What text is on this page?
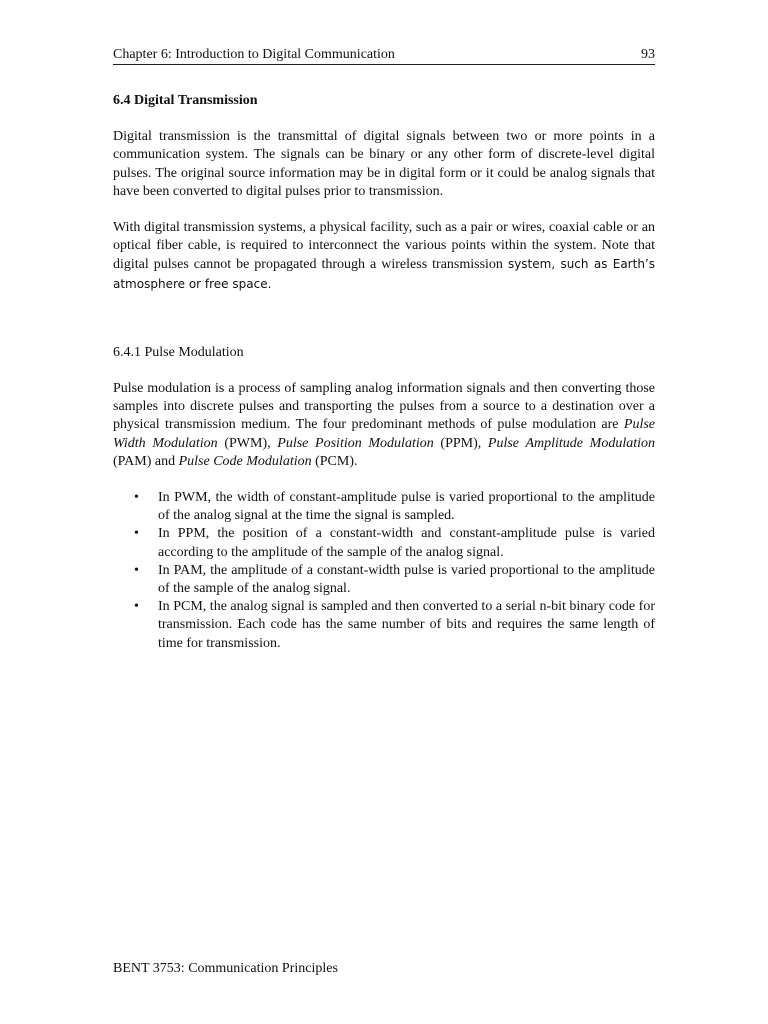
Chapter 6: Introduction to Digital Communication	93
6.4 Digital Transmission

Digital transmission is the transmittal of digital signals between two or more points in a communication system. The signals can be binary or any other form of discrete-level digital pulses. The original source information may be in digital form or it could be analog signals that have been converted to digital pulses prior to transmission.

With digital transmission systems, a physical facility, such as a pair or wires, coaxial cable or an optical fiber cable, is required to interconnect the various points within the system. Note that digital pulses cannot be propagated through a wireless transmission system, such as Earth’s atmosphere or free space.

6.4.1 Pulse Modulation

Pulse modulation is a process of sampling analog information signals and then converting those samples into discrete pulses and transporting the pulses from a source to a destination over a physical transmission medium. The four predominant methods of pulse modulation are Pulse Width Modulation (PWM), Pulse Position Modulation (PPM), Pulse Amplitude Modulation (PAM) and Pulse Code Modulation (PCM).

• In PWM, the width of constant-amplitude pulse is varied proportional to the amplitude of the analog signal at the time the signal is sampled.
• In PPM, the position of a constant-width and constant-amplitude pulse is varied according to the amplitude of the sample of the analog signal.
• In PAM, the amplitude of a constant-width pulse is varied proportional to the amplitude of the sample of the analog signal.
• In PCM, the analog signal is sampled and then converted to a serial n-bit binary code for transmission. Each code has the same number of bits and requires the same length of time for transmission.
BENT 3753: Communication Principles
